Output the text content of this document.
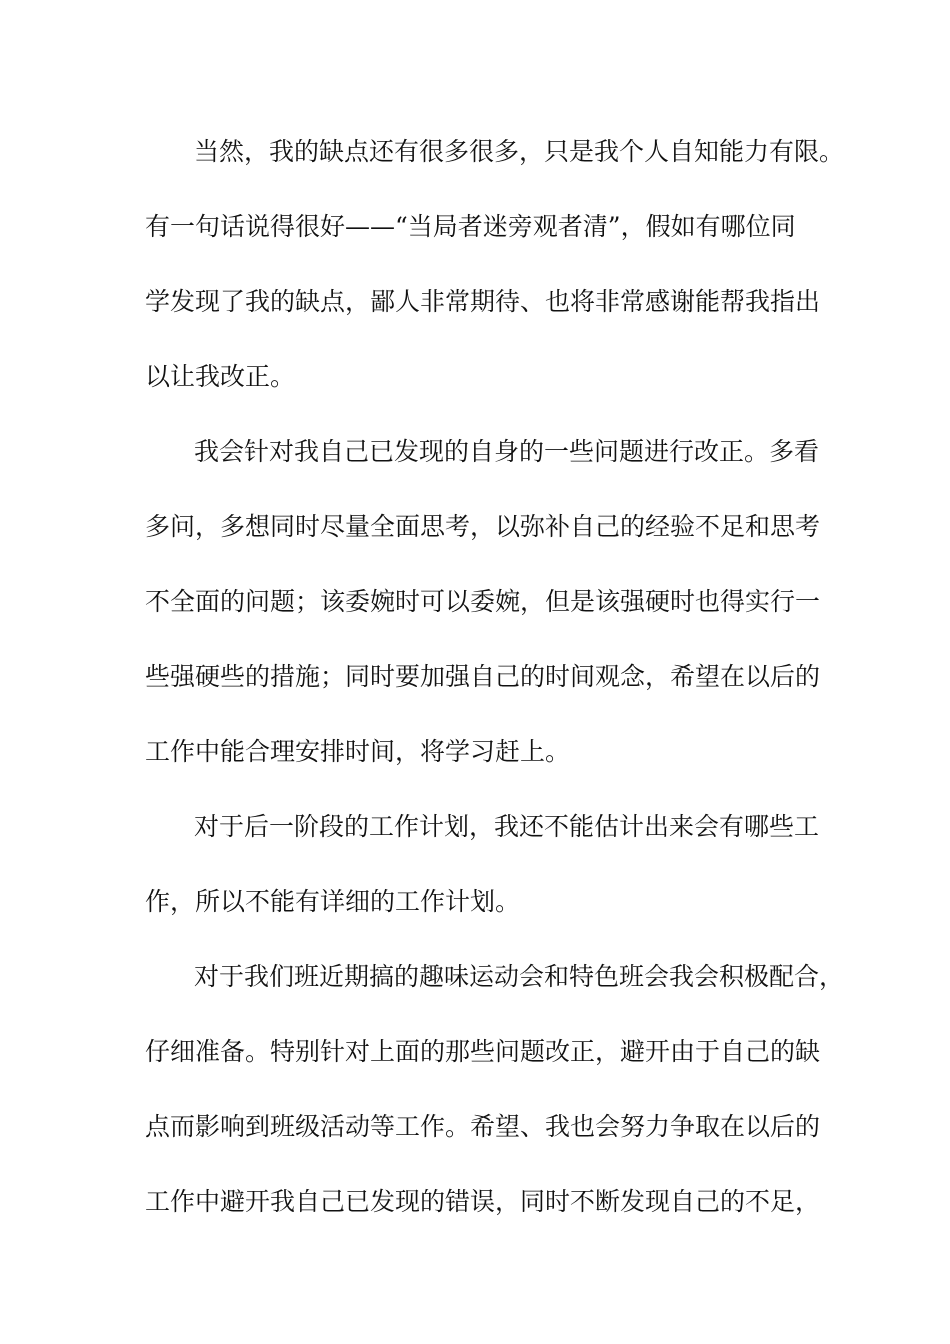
当然，我的缺点还有很多很多，只是我个人自知能力有限。
有一句话说得很好——“当局者迷旁观者清”，假如有哪位同
学发现了我的缺点，鄙人非常期待、也将非常感谢能帮我指出
以让我改正。
我会针对我自己已发现的自身的一些问题进行改正。多看
多问，多想同时尽量全面思考，以弥补自己的经验不足和思考
不全面的问题；该委婉时可以委婉，但是该强硬时也得实行一
些强硬些的措施；同时要加强自己的时间观念，希望在以后的
工作中能合理安排时间，将学习赶上。
对于后一阶段的工作计划，我还不能估计出来会有哪些工
作，所以不能有详细的工作计划。
对于我们班近期搞的趣味运动会和特色班会我会积极配合，
仔细准备。特别针对上面的那些问题改正，避开由于自己的缺
点而影响到班级活动等工作。希望、我也会努力争取在以后的
工作中避开我自己已发现的错误，同时不断发现自己的不足，
